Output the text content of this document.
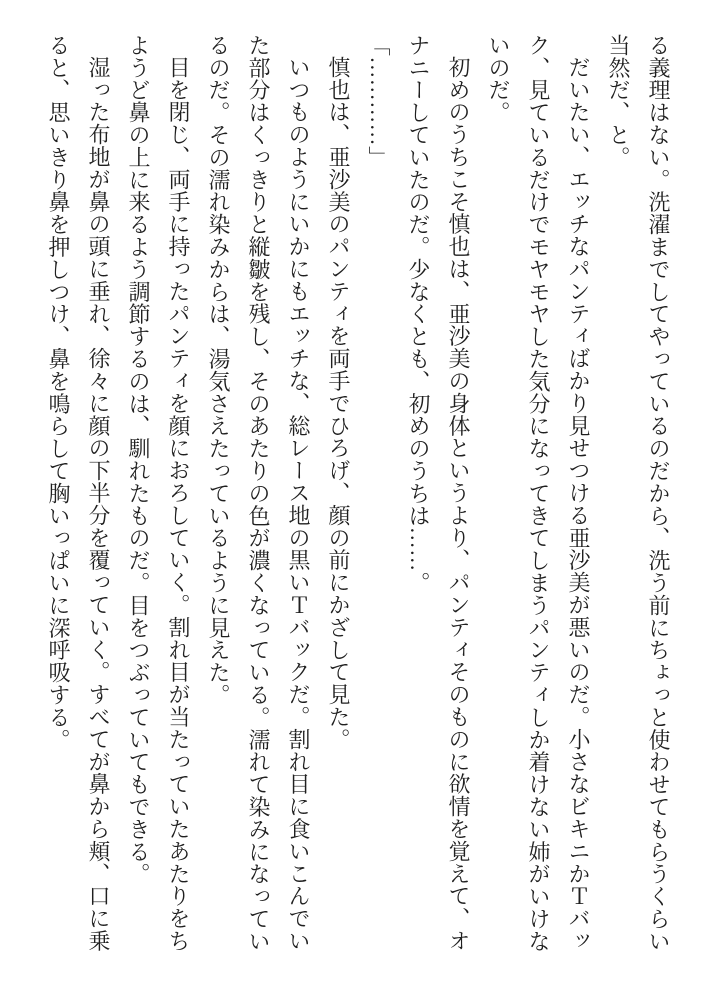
る義理はない。洗濯までしてやっているのだから、洗う前にちょっと使わせてもらうくらい当然だ、と。

だいたい、エッチなパンティばかり見せつける亜沙美が悪いのだ。小さなビキニかＴバック、見ているだけでモヤモヤした気分になってきてしまうパンティしか着けない姉がいけないのだ。

初めのうちこそ慎也は、亜沙美の身体というより、パンティそのものに欲情を覚えて、オナニーしていたのだ。少なくとも、初めのうちは……。

「…………」

慎也は、亜沙美のパンティを両手でひろげ、顔の前にかざして見た。

いつものようにいかにもエッチな、総レース地の黒いＴバックだ。割れ目に食いこんでいた部分はくっきりと縦皺を残し、そのあたりの色が濃くなっている。濡れて染みになっているのだ。その濡れ染みからは、湯気さえたっているように見えた。

目を閉じ、両手に持ったパンティを顔におろしていく。割れ目が当たっていたあたりをちようど鼻の上に来るよう調節するのは、馴れたものだ。目をつぶっていてもできる。

湿った布地が鼻の頭に垂れ、徐々に顔の下半分を覆っていく。すべてが鼻から頬、口に乗ると、思いきり鼻を押しつけ、鼻を鳴らして胸いっぱいに深呼吸する。
